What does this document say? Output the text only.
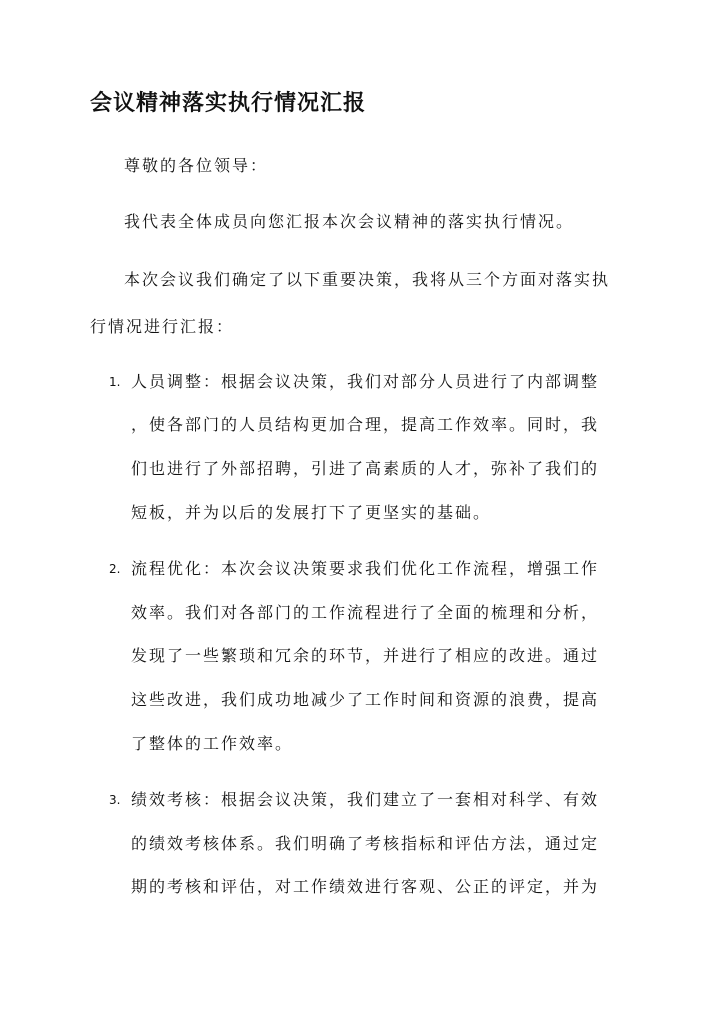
会议精神落实执行情况汇报
尊敬的各位领导：
我代表全体成员向您汇报本次会议精神的落实执行情况。
本次会议我们确定了以下重要决策，我将从三个方面对落实执
行情况进行汇报：
1. 人员调整：根据会议决策，我们对部分人员进行了内部调整
，使各部门的人员结构更加合理，提高工作效率。同时，我
们也进行了外部招聘，引进了高素质的人才，弥补了我们的
短板，并为以后的发展打下了更坚实的基础。
2. 流程优化：本次会议决策要求我们优化工作流程，增强工作
效率。我们对各部门的工作流程进行了全面的梳理和分析，
发现了一些繁琐和冗余的环节，并进行了相应的改进。通过
这些改进，我们成功地减少了工作时间和资源的浪费，提高
了整体的工作效率。
3. 绩效考核：根据会议决策，我们建立了一套相对科学、有效
的绩效考核体系。我们明确了考核指标和评估方法，通过定
期的考核和评估，对工作绩效进行客观、公正的评定，并为
